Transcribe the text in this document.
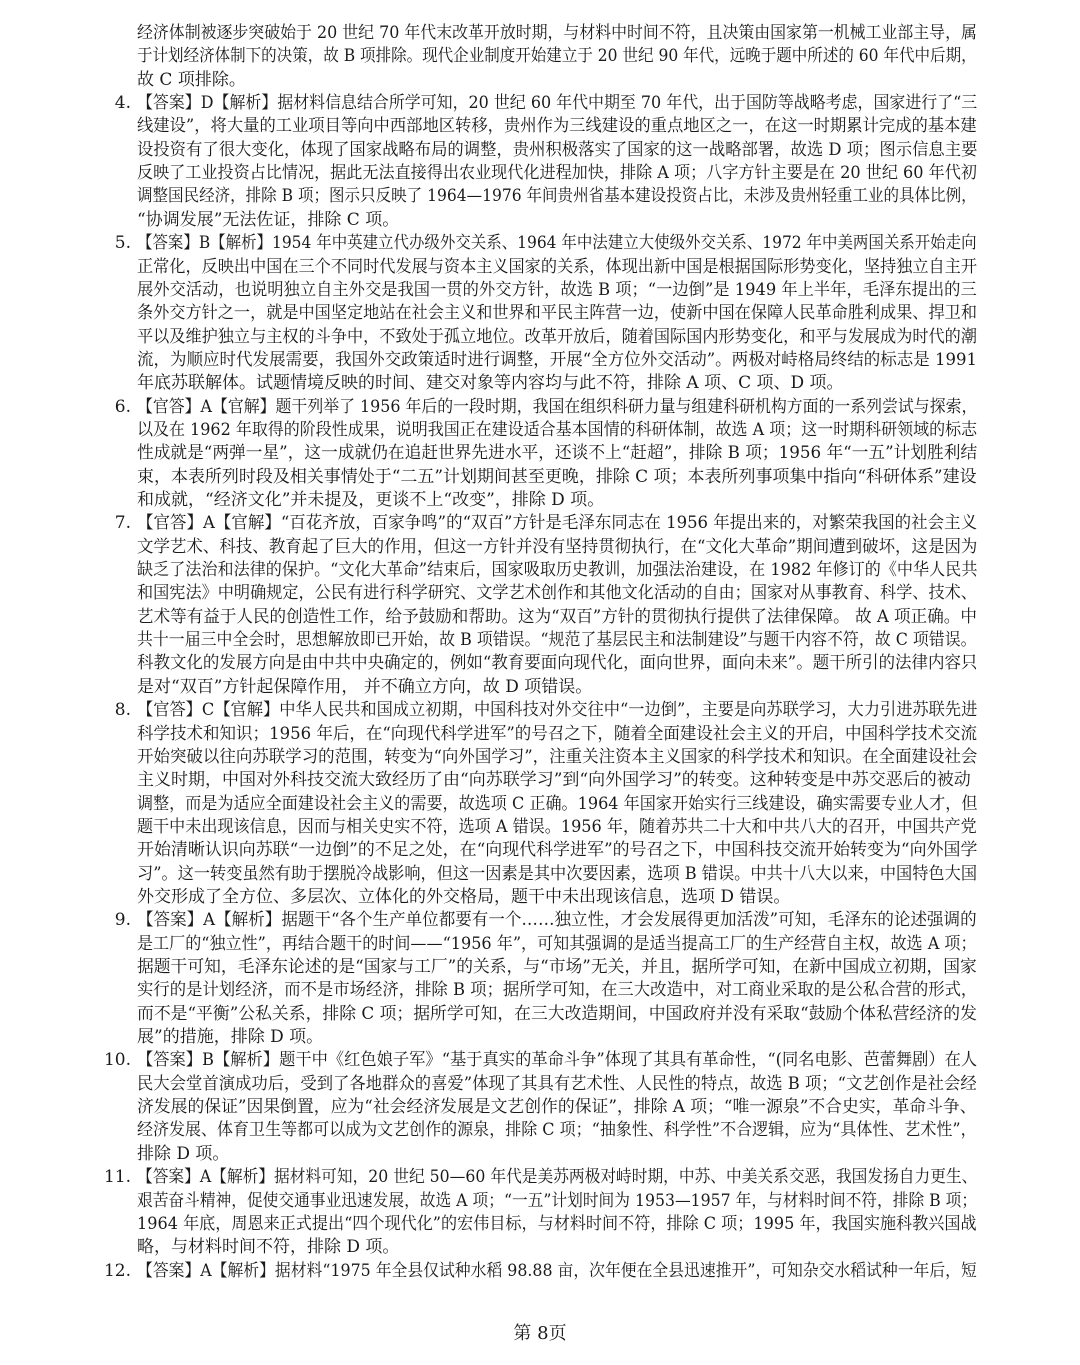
经济体制被逐步突破始于 20 世纪 70 年代末改革开放时期，与材料中时间不符，且决策由国家第一机械工业部主导，属
于计划经济体制下的决策，故 B 项排除。现代企业制度开始建立于 20 世纪 90 年代，远晚于题中所述的 60 年代中后期，
故 C 项排除。
4. 【答案】D【解析】据材料信息结合所学可知，20 世纪 60 年代中期至 70 年代，出于国防等战略考虑，国家进行了“三
线建设”，将大量的工业项目等向中西部地区转移，贵州作为三线建设的重点地区之一，在这一时期累计完成的基本建
设投资有了很大变化，体现了国家战略布局的调整，贵州积极落实了国家的这一战略部署，故选 D 项；图示信息主要
反映了工业投资占比情况，据此无法直接得出农业现代化进程加快，排除 A 项；八字方针主要是在 20 世纪 60 年代初
调整国民经济，排除 B 项；图示只反映了 1964—1976 年间贵州省基本建设投资占比，未涉及贵州轻重工业的具体比例，
“协调发展”无法佐证，排除 C 项。
5. 【答案】B【解析】1954 年中英建立代办级外交关系、1964 年中法建立大使级外交关系、1972 年中美两国关系开始走向
正常化，反映出中国在三个不同时代发展与资本主义国家的关系，体现出新中国是根据国际形势变化，坚持独立自主开
展外交活动，也说明独立自主外交是我国一贯的外交方针，故选 B 项；“一边倒”是 1949 年上半年，毛泽东提出的三
条外交方针之一，就是中国坚定地站在社会主义和世界和平民主阵营一边，使新中国在保障人民革命胜利成果、捍卫和
平以及维护独立与主权的斗争中，不致处于孤立地位。改革开放后，随着国际国内形势变化，和平与发展成为时代的潮
流，为顺应时代发展需要，我国外交政策适时进行调整，开展“全方位外交活动”。两极对峙格局终结的标志是 1991
年底苏联解体。试题情境反映的时间、建交对象等内容均与此不符，排除 A 项、C 项、D 项。
6. 【官答】A【官解】题干列举了 1956 年后的一段时期，我国在组织科研力量与组建科研机构方面的一系列尝试与探索，
以及在 1962 年取得的阶段性成果，说明我国正在建设适合基本国情的科研体制，故选 A 项；这一时期科研领域的标志
性成就是“两弹一星”，这一成就仍在追赶世界先进水平，还谈不上“赶超”，排除 B 项；1956 年“一五”计划胜利结
束，本表所列时段及相关事情处于“二五”计划期间甚至更晚，排除 C 项；本表所列事项集中指向“科研体系”建设
和成就，“经济文化”并未提及，更谈不上“改变”，排除 D 项。
7. 【官答】A【官解】“百花齐放，百家争鸣”的“双百”方针是毛泽东同志在 1956 年提出来的，对繁荣我国的社会主义
文学艺术、科技、教育起了巨大的作用，但这一方针并没有坚持贯彻执行，在“文化大革命”期间遭到破坏，这是因为
缺乏了法治和法律的保护。“文化大革命”结束后，国家吸取历史教训，加强法治建设，在 1982 年修订的《中华人民共
和国宪法》中明确规定，公民有进行科学研究、文学艺术创作和其他文化活动的自由；国家对从事教育、科学、技术、
艺术等有益于人民的创造性工作，给予鼓励和帮助。这为“双百”方针的贯彻执行提供了法律保障。 故 A 项正确。中
共十一届三中全会时，思想解放即已开始，故 B 项错误。“规范了基层民主和法制建设”与题干内容不符，故 C 项错误。
科教文化的发展方向是由中共中央确定的，例如“教育要面向现代化，面向世界，面向未来”。题干所引的法律内容只
是对“双百”方针起保障作用， 并不确立方向，故 D 项错误。
8. 【官答】C【官解】中华人民共和国成立初期，中国科技对外交往中“一边倒”，主要是向苏联学习，大力引进苏联先进
科学技术和知识；1956 年后，在“向现代科学进军”的号召之下，随着全面建设社会主义的开启，中国科学技术交流
开始突破以往向苏联学习的范围，转变为“向外国学习”，注重关注资本主义国家的科学技术和知识。在全面建设社会
主义时期，中国对外科技交流大致经历了由“向苏联学习”到“向外国学习”的转变。这种转变是中苏交恶后的被动
调整，而是为适应全面建设社会主义的需要，故选项 C 正确。1964 年国家开始实行三线建设，确实需要专业人才，但
题干中未出现该信息，因而与相关史实不符，选项 A 错误。1956 年，随着苏共二十大和中共八大的召开，中国共产党
开始清晰认识向苏联“一边倒”的不足之处，在“向现代科学进军”的号召之下，中国科技交流开始转变为“向外国学
习”。这一转变虽然有助于摆脱冷战影响，但这一因素是其中次要因素，选项 B 错误。中共十八大以来，中国特色大国
外交形成了全方位、多层次、立体化的外交格局，题干中未出现该信息，选项 D 错误。
9. 【答案】A【解析】据题干“各个生产单位都要有一个……独立性，才会发展得更加活泼”可知，毛泽东的论述强调的
是工厂的“独立性”，再结合题干的时间——“1956 年”，可知其强调的是适当提高工厂的生产经营自主权，故选 A 项；
据题干可知，毛泽东论述的是“国家与工厂”的关系，与“市场”无关，并且，据所学可知，在新中国成立初期，国家
实行的是计划经济，而不是市场经济，排除 B 项；据所学可知，在三大改造中，对工商业采取的是公私合营的形式，
而不是“平衡”公私关系，排除 C 项；据所学可知，在三大改造期间，中国政府并没有采取“鼓励个体私营经济的发
展”的措施，排除 D 项。
10. 【答案】B【解析】题干中《红色娘子军》“基于真实的革命斗争”体现了其具有革命性，“(同名电影、芭蕾舞剧）在人
民大会堂首演成功后，受到了各地群众的喜爱”体现了其具有艺术性、人民性的特点，故选 B 项；“文艺创作是社会经
济发展的保证”因果倒置，应为“社会经济发展是文艺创作的保证”，排除 A 项；“唯一源泉”不合史实，革命斗争、
经济发展、体育卫生等都可以成为文艺创作的源泉，排除 C 项；“抽象性、科学性”不合逻辑，应为“具体性、艺术性”，
排除 D 项。
11. 【答案】A【解析】据材料可知，20 世纪 50—60 年代是美苏两极对峙时期，中苏、中美关系交恶，我国发扬自力更生、
艰苦奋斗精神，促使交通事业迅速发展，故选 A 项；“一五”计划时间为 1953—1957 年，与材料时间不符，排除 B 项；
1964 年底，周恩来正式提出“四个现代化”的宏伟目标，与材料时间不符，排除 C 项；1995 年，我国实施科教兴国战
略，与材料时间不符，排除 D 项。
12. 【答案】A【解析】据材料“1975 年全县仅试种水稻 98.88 亩，次年便在全县迅速推开”，可知杂交水稻试种一年后，短
第 8页
